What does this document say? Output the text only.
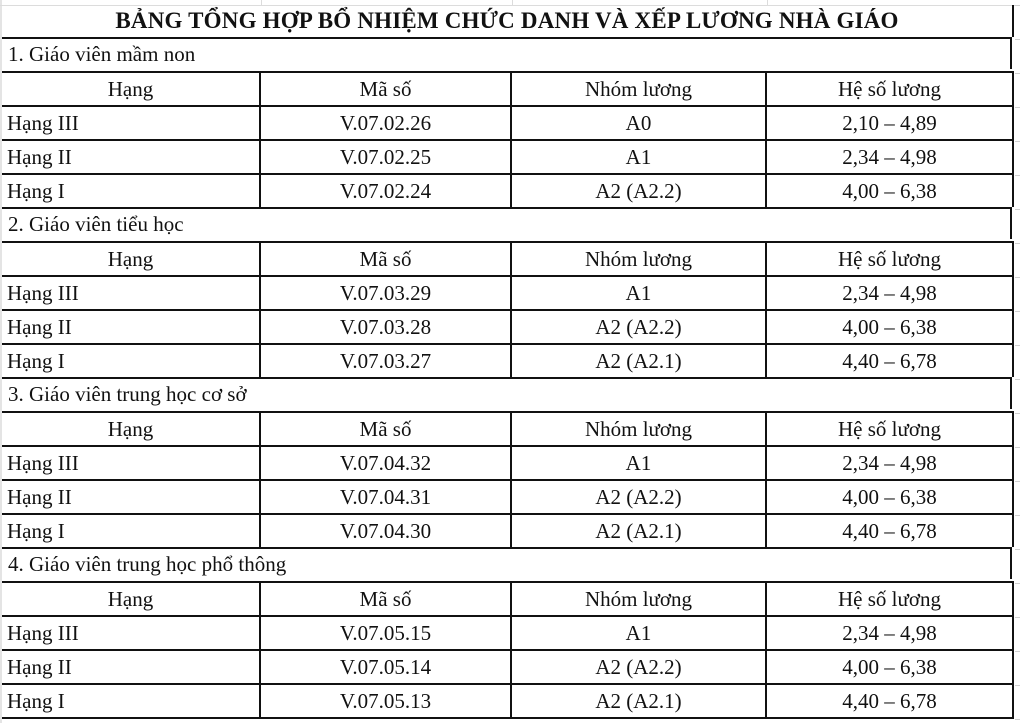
BẢNG TỔNG HỢP BỔ NHIỆM CHỨC DANH VÀ XẾP LƯƠNG NHÀ GIÁO
1. Giáo viên mầm non
Hạng	Mã số	Nhóm lương	Hệ số lương
Hạng III	V.07.02.26	A0	2,10 – 4,89
Hạng II	V.07.02.25	A1	2,34 – 4,98
Hạng I	V.07.02.24	A2 (A2.2)	4,00 – 6,38
2. Giáo viên tiểu học
Hạng	Mã số	Nhóm lương	Hệ số lương
Hạng III	V.07.03.29	A1	2,34 – 4,98
Hạng II	V.07.03.28	A2 (A2.2)	4,00 – 6,38
Hạng I	V.07.03.27	A2 (A2.1)	4,40 – 6,78
3. Giáo viên trung học cơ sở
Hạng	Mã số	Nhóm lương	Hệ số lương
Hạng III	V.07.04.32	A1	2,34 – 4,98
Hạng II	V.07.04.31	A2 (A2.2)	4,00 – 6,38
Hạng I	V.07.04.30	A2 (A2.1)	4,40 – 6,78
4. Giáo viên trung học phổ thông
Hạng	Mã số	Nhóm lương	Hệ số lương
Hạng III	V.07.05.15	A1	2,34 – 4,98
Hạng II	V.07.05.14	A2 (A2.2)	4,00 – 6,38
Hạng I	V.07.05.13	A2 (A2.1)	4,40 – 6,78
